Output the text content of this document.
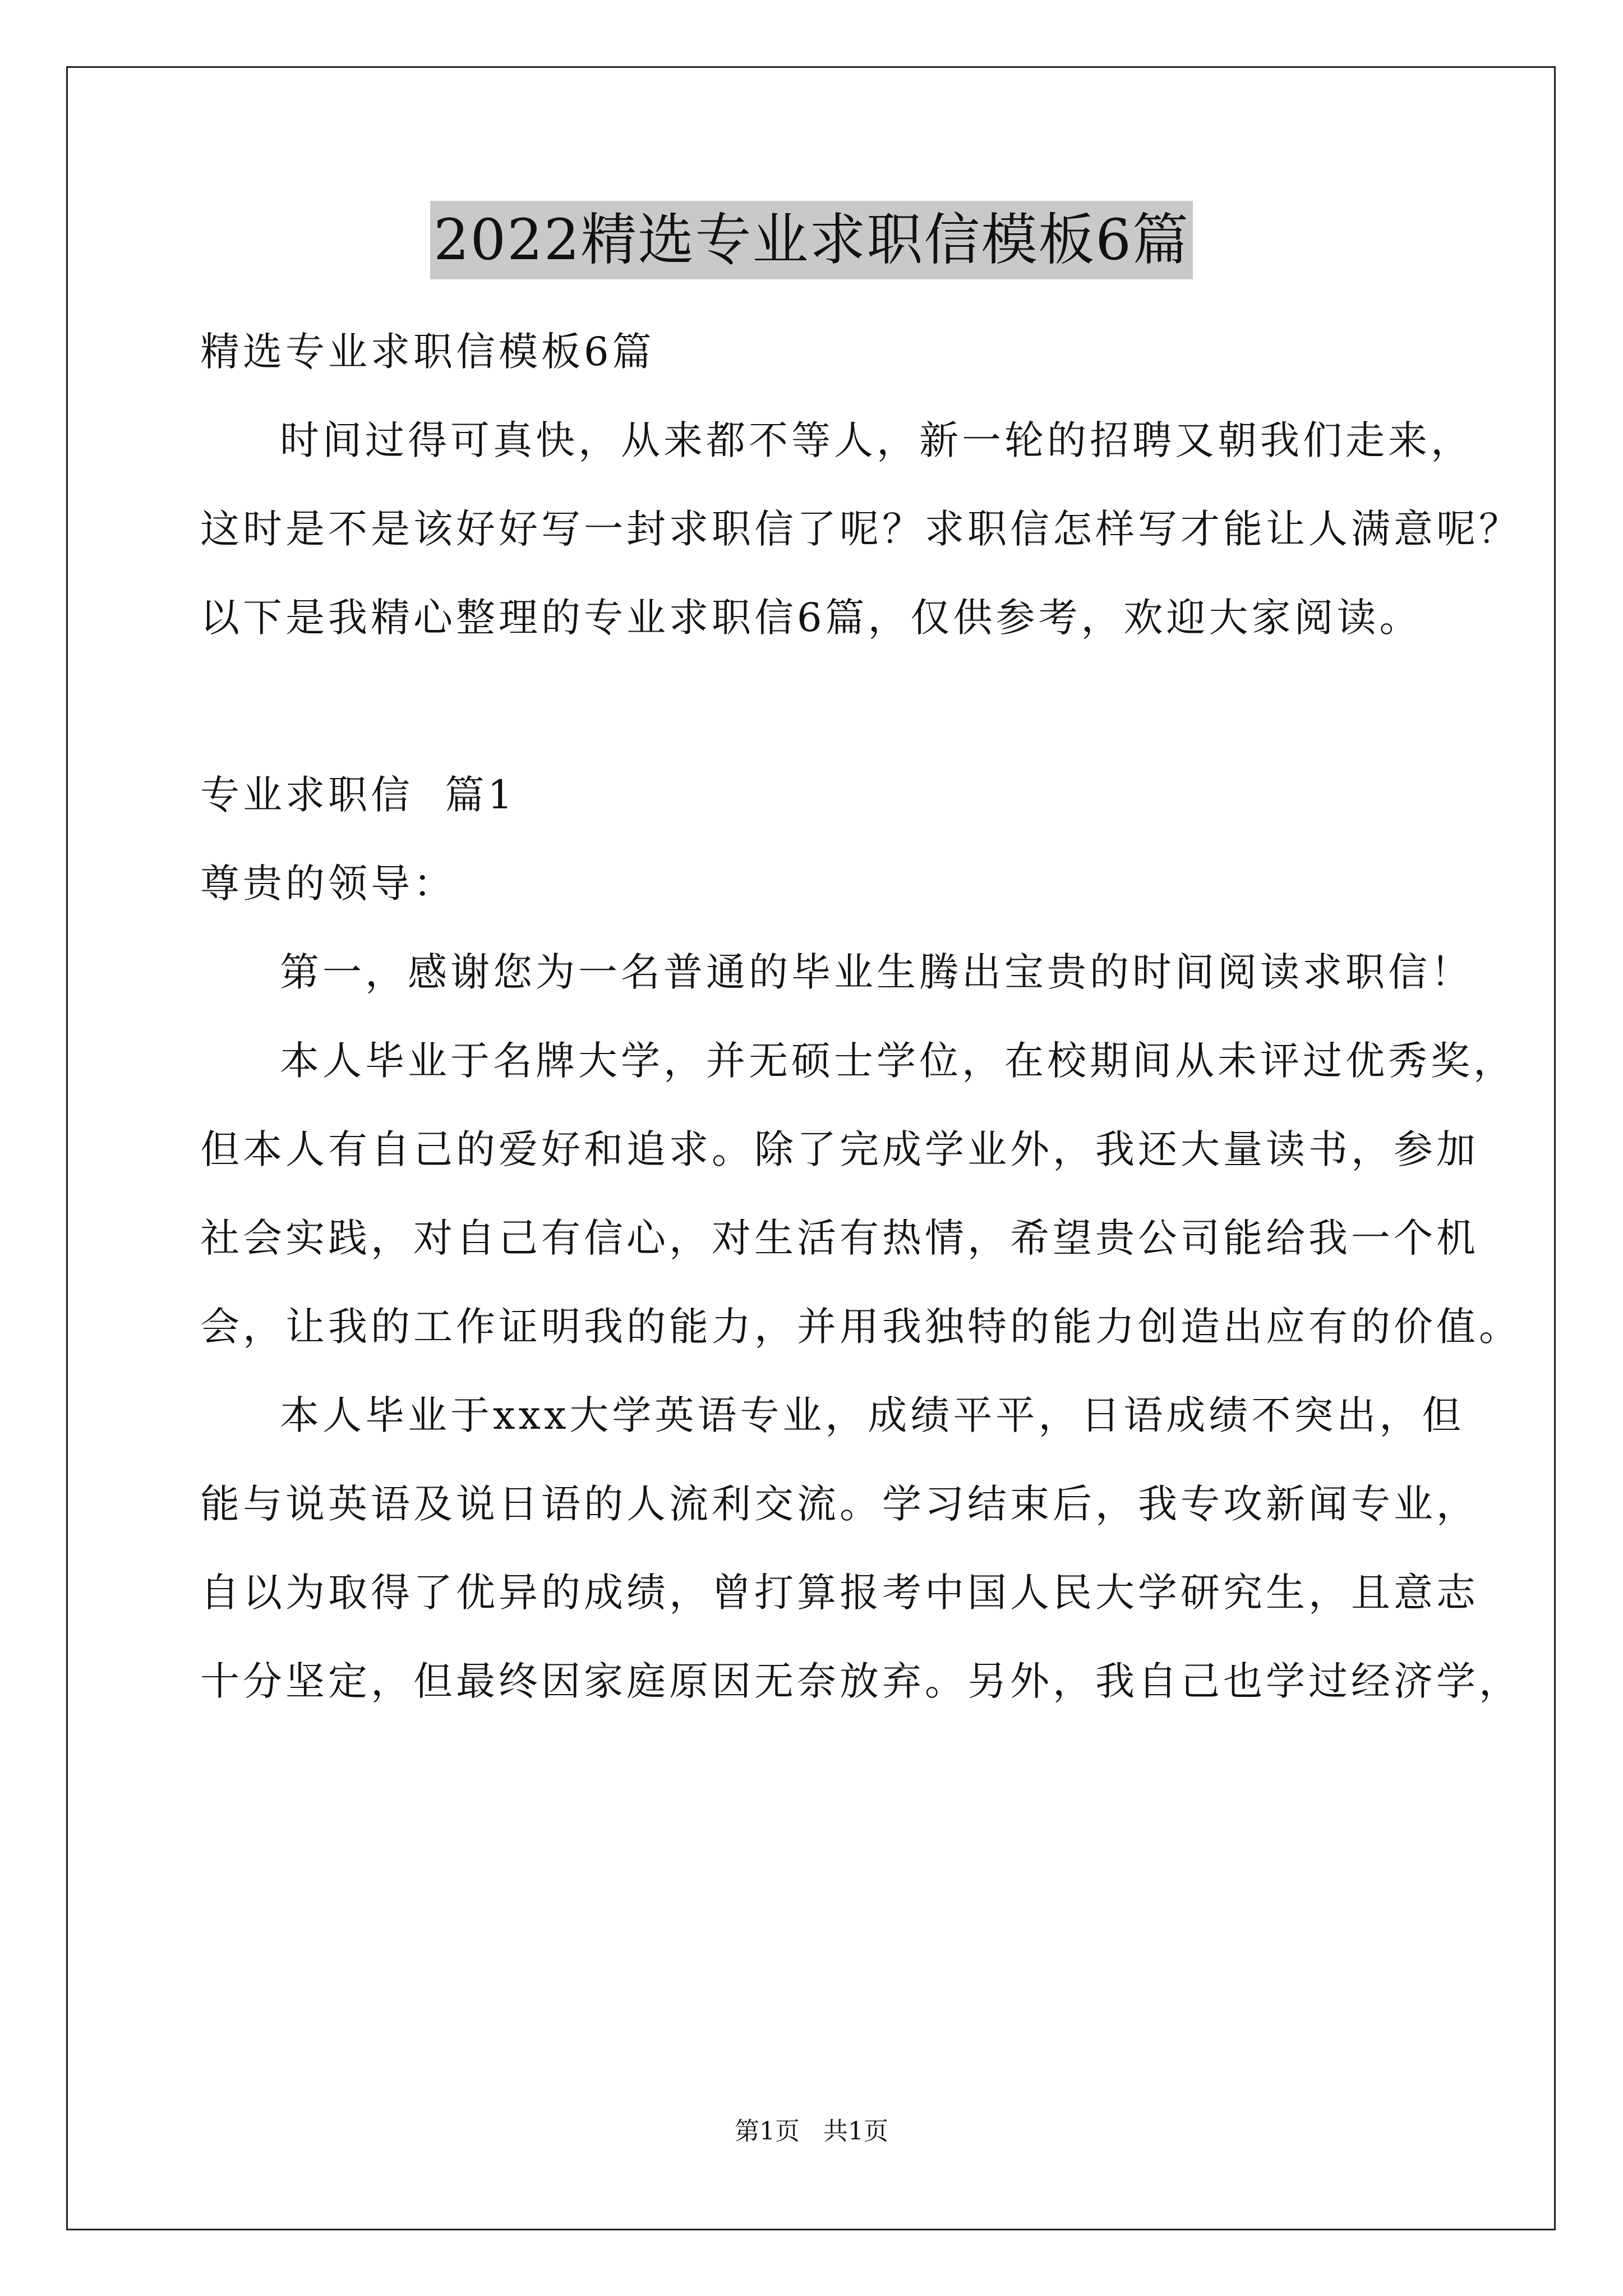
2022精选专业求职信模板6篇
精选专业求职信模板6篇
时间过得可真快，从来都不等人，新一轮的招聘又朝我们走来，
这时是不是该好好写一封求职信了呢？求职信怎样写才能让人满意呢？
以下是我精心整理的专业求职信6篇，仅供参考，欢迎大家阅读。
专业求职信  篇1
尊贵的领导：
第一，感谢您为一名普通的毕业生腾出宝贵的时间阅读求职信！
本人毕业于名牌大学，并无硕士学位，在校期间从未评过优秀奖，
但本人有自己的爱好和追求。除了完成学业外，我还大量读书，参加
社会实践，对自己有信心，对生活有热情，希望贵公司能给我一个机
会，让我的工作证明我的能力，并用我独特的能力创造出应有的价值。
本人毕业于xxx大学英语专业，成绩平平，日语成绩不突出，但
能与说英语及说日语的人流利交流。学习结束后，我专攻新闻专业，
自以为取得了优异的成绩，曾打算报考中国人民大学研究生，且意志
十分坚定，但最终因家庭原因无奈放弃。另外，我自己也学过经济学，
第1页   共1页
